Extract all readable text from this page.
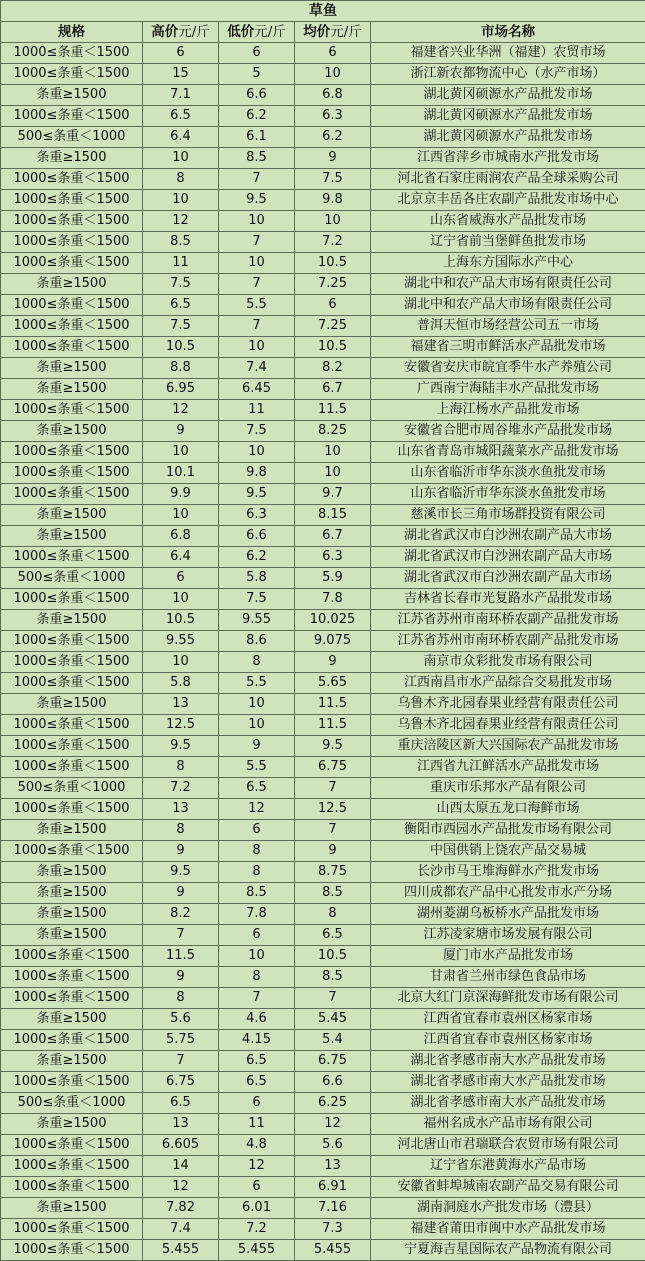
草鱼				
规格	高价元/斤	低价元/斤	均价元/斤	市场名称
1000≤条重＜1500	6	6	6	福建省兴业华洲（福建）农贸市场
1000≤条重＜1500	15	5	10	浙江新农都物流中心（水产市场）
条重≥1500	7.1	6.6	6.8	湖北黄冈硕源水产品批发市场
1000≤条重＜1500	6.5	6.2	6.3	湖北黄冈硕源水产品批发市场
500≤条重＜1000	6.4	6.1	6.2	湖北黄冈硕源水产品批发市场
条重≥1500	10	8.5	9	江西省萍乡市城南水产批发市场
1000≤条重＜1500	8	7	7.5	河北省石家庄雨润农产品全球采购公司
1000≤条重＜1500	10	9.5	9.8	北京京丰岳各庄农副产品批发市场中心
1000≤条重＜1500	12	10	10	山东省威海水产品批发市场
1000≤条重＜1500	8.5	7	7.2	辽宁省前当堡鲜鱼批发市场
1000≤条重＜1500	11	10	10.5	上海东方国际水产中心
条重≥1500	7.5	7	7.25	湖北中和农产品大市场有限责任公司
1000≤条重＜1500	6.5	5.5	6	湖北中和农产品大市场有限责任公司
1000≤条重＜1500	7.5	7	7.25	普洱天恒市场经营公司五一市场
1000≤条重＜1500	10.5	10	10.5	福建省三明市鲜活水产品批发市场
条重≥1500	8.8	7.4	8.2	安徽省安庆市皖宜季牛水产养殖公司
条重≥1500	6.95	6.45	6.7	广西南宁海陆丰水产品批发市场
1000≤条重＜1500	12	11	11.5	上海江杨水产品批发市场
条重≥1500	9	7.5	8.25	安徽省合肥市周谷堆水产品批发市场
1000≤条重＜1500	10	10	10	山东省青岛市城阳蔬菜水产品批发市场
1000≤条重＜1500	10.1	9.8	10	山东省临沂市华东淡水鱼批发市场
1000≤条重＜1500	9.9	9.5	9.7	山东省临沂市华东淡水鱼批发市场
条重≥1500	10	6.3	8.15	慈溪市长三角市场群投资有限公司
条重≥1500	6.8	6.6	6.7	湖北省武汉市白沙洲农副产品大市场
1000≤条重＜1500	6.4	6.2	6.3	湖北省武汉市白沙洲农副产品大市场
500≤条重＜1000	6	5.8	5.9	湖北省武汉市白沙洲农副产品大市场
1000≤条重＜1500	10	7.5	7.8	吉林省长春市光复路水产品批发市场
条重≥1500	10.5	9.55	10.025	江苏省苏州市南环桥农副产品批发市场
1000≤条重＜1500	9.55	8.6	9.075	江苏省苏州市南环桥农副产品批发市场
1000≤条重＜1500	10	8	9	南京市众彩批发市场有限公司
1000≤条重＜1500	5.8	5.5	5.65	江西南昌市水产品综合交易批发市场
条重≥1500	13	10	11.5	乌鲁木齐北园春果业经营有限责任公司
1000≤条重＜1500	12.5	10	11.5	乌鲁木齐北园春果业经营有限责任公司
1000≤条重＜1500	9.5	9	9.5	重庆涪陵区新大兴国际农产品批发市场
1000≤条重＜1500	8	5.5	6.75	江西省九江鲜活水产品批发市场
500≤条重＜1000	7.2	6.5	7	重庆市乐邦水产品有限公司
1000≤条重＜1500	13	12	12.5	山西太原五龙口海鲜市场
条重≥1500	8	6	7	衡阳市西园水产品批发市场有限公司
1000≤条重＜1500	9	8	9	中国供销上饶农产品交易城
条重≥1500	9.5	8	8.75	长沙市马王堆海鲜水产批发市场
条重≥1500	9	8.5	8.5	四川成都农产品中心批发市水产分场
条重≥1500	8.2	7.8	8	湖州菱湖乌板桥水产品批发市场
条重≥1500	7	6	6.5	江苏凌家塘市场发展有限公司
1000≤条重＜1500	11.5	10	10.5	厦门市水产品批发市场
1000≤条重＜1500	9	8	8.5	甘肃省兰州市绿色食品市场
1000≤条重＜1500	8	7	7	北京大红门京深海鲜批发市场有限公司
条重≥1500	5.6	4.6	5.45	江西省宜春市袁州区杨家市场
1000≤条重＜1500	5.75	4.15	5.4	江西省宜春市袁州区杨家市场
条重≥1500	7	6.5	6.75	湖北省孝感市南大水产品批发市场
1000≤条重＜1500	6.75	6.5	6.6	湖北省孝感市南大水产品批发市场
500≤条重＜1000	6.5	6	6.25	湖北省孝感市南大水产品批发市场
条重≥1500	13	11	12	福州名成水产品市场有限公司
1000≤条重＜1500	6.605	4.8	5.6	河北唐山市君瑞联合农贸市场有限公司
1000≤条重＜1500	14	12	13	辽宁省东港黄海水产品市场
1000≤条重＜1500	12	6	6.91	安徽省蚌埠城南农副产品交易有限公司
条重≥1500	7.82	6.01	7.16	湖南洞庭水产批发市场（澧县）
1000≤条重＜1500	7.4	7.2	7.3	福建省莆田市闽中水产品批发市场
1000≤条重＜1500	5.455	5.455	5.455	宁夏海吉星国际农产品物流有限公司
